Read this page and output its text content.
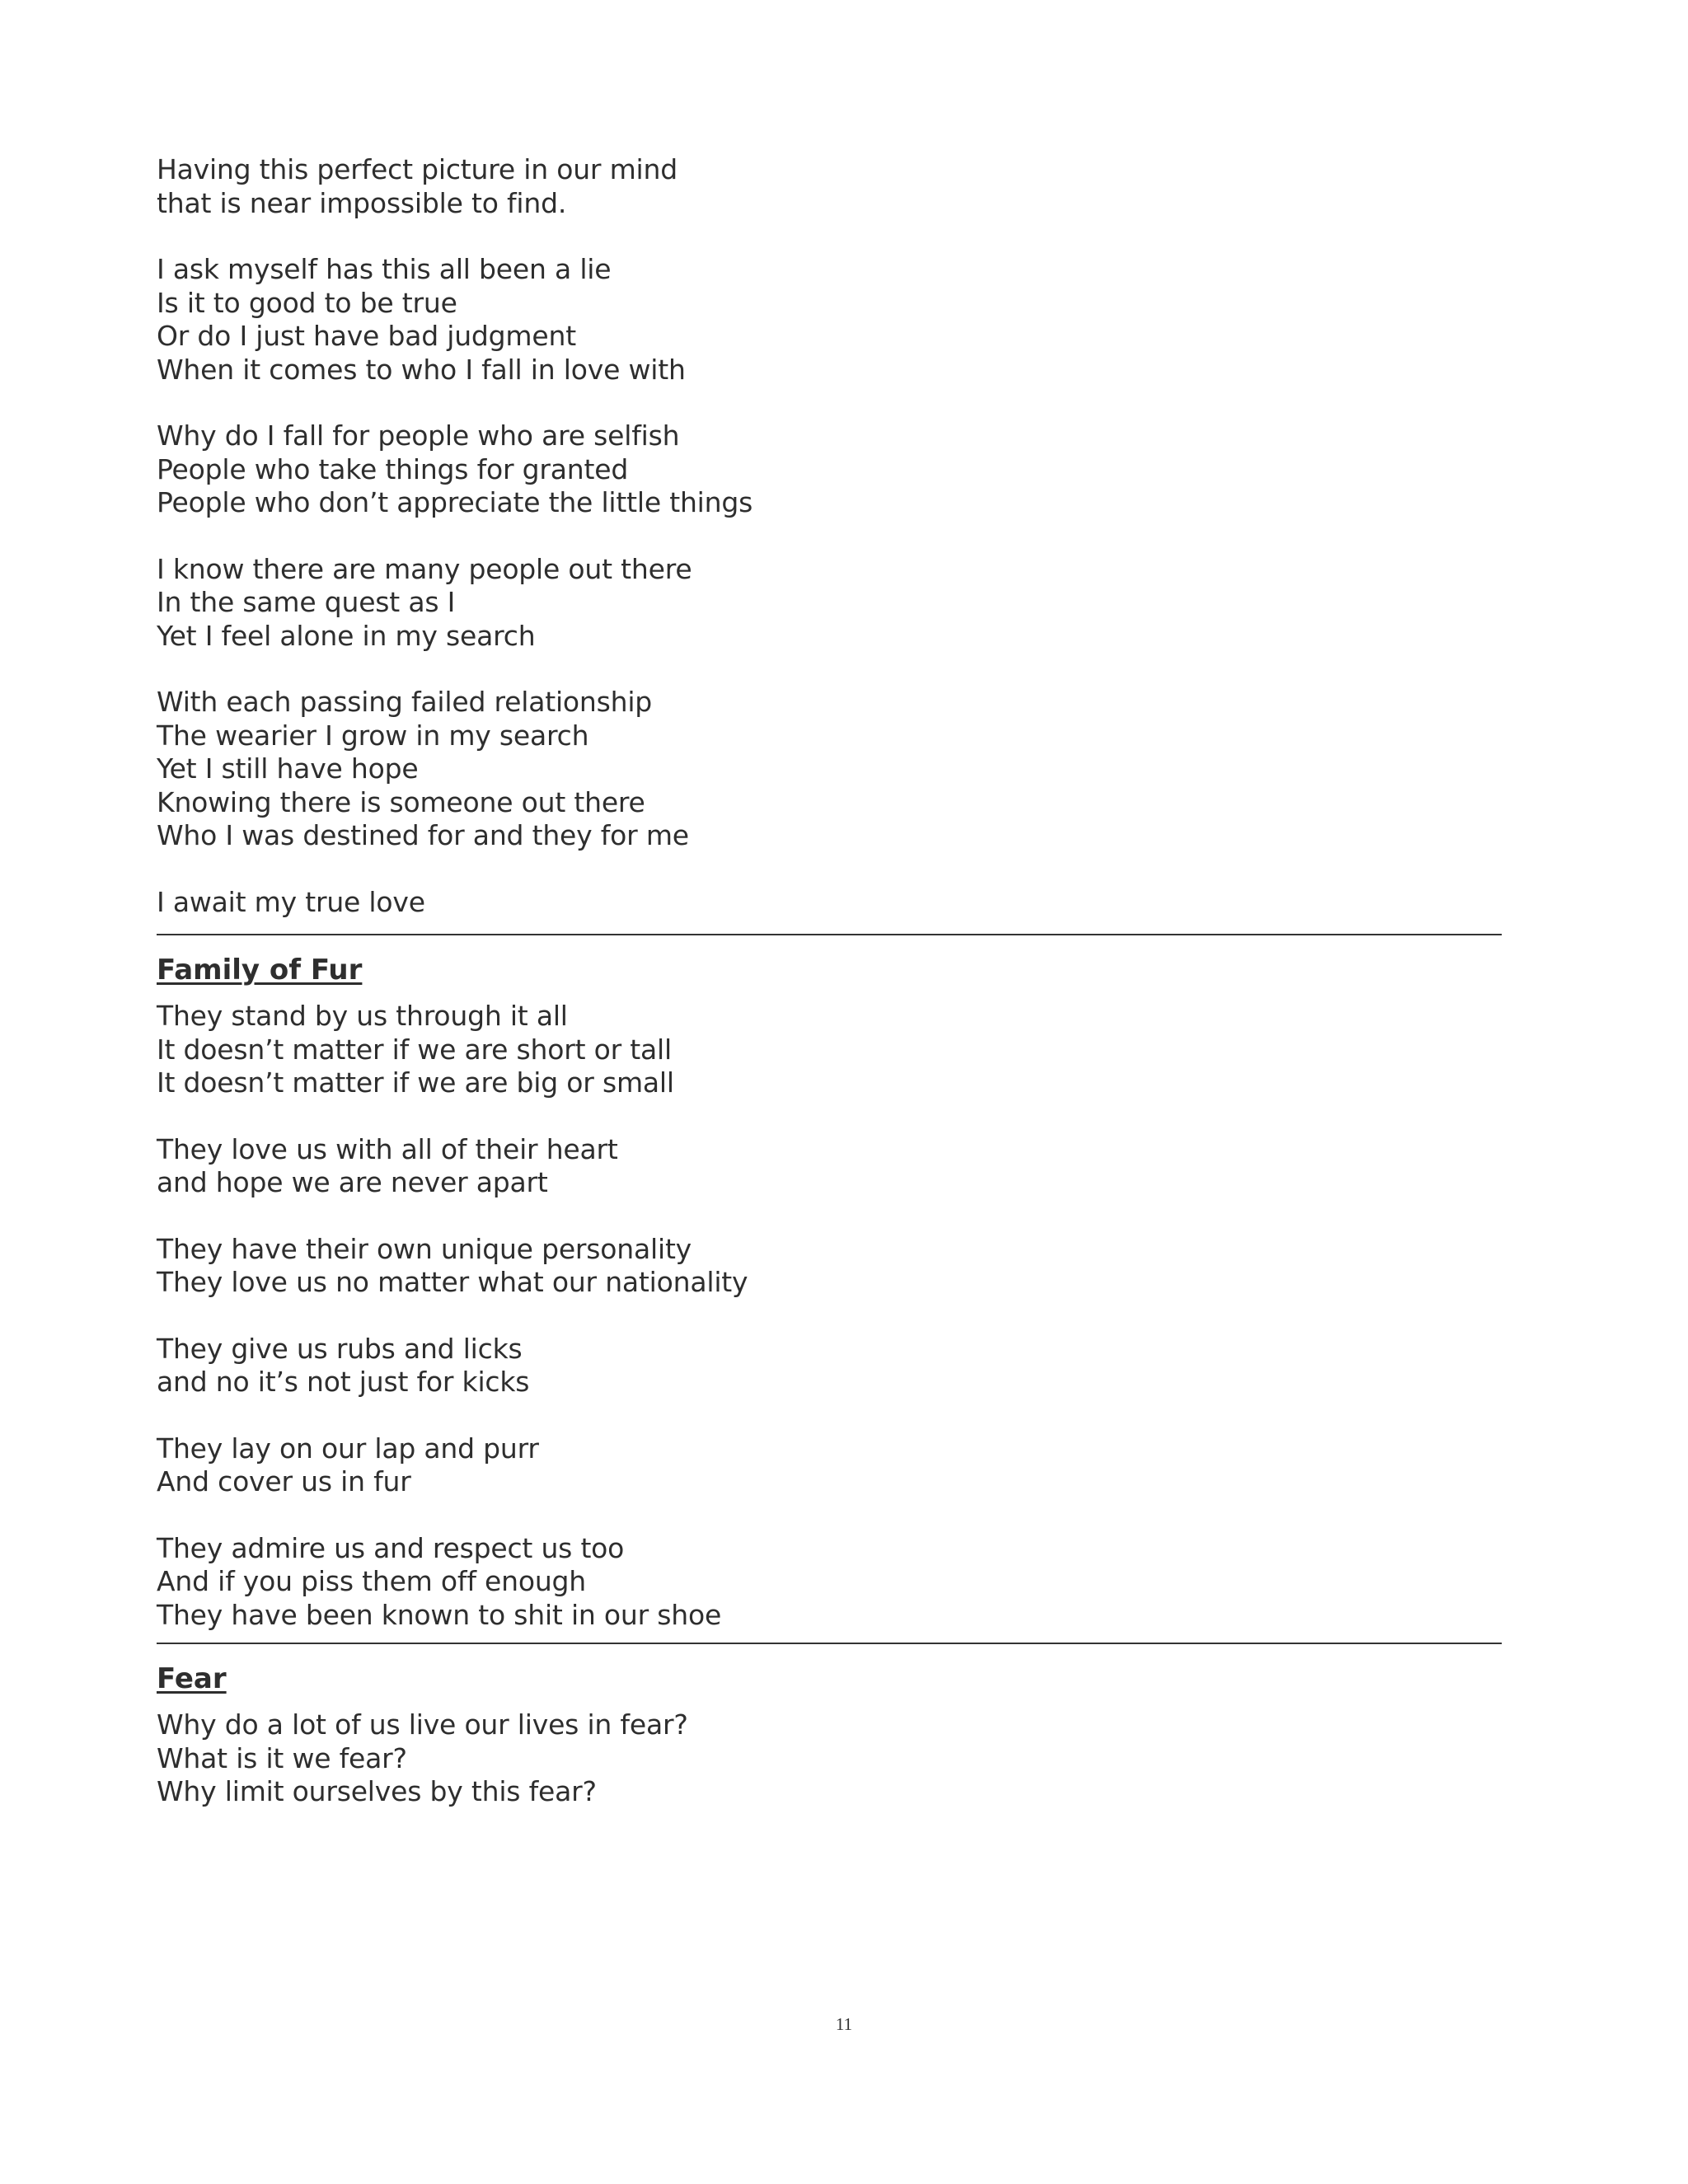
Having this perfect picture in our mind
that is near impossible to find.
I ask myself has this all been a lie
Is it to good to be true
Or do I just have bad judgment
When it comes to who I fall in love with
Why do I fall for people who are selfish
People who take things for granted
People who don’t appreciate the little things
I know there are many people out there
In the same quest as I
Yet I feel alone in my search
With each passing failed relationship
The wearier I grow in my search
Yet I still have hope
Knowing there is someone out there
Who I was destined for and they for me
I await my true love
Family of Fur
They stand by us through it all
It doesn’t matter if we are short or tall
It doesn’t matter if we are big or small
They love us with all of their heart
and hope we are never apart
They have their own unique personality
They love us no matter what our nationality
They give us rubs and licks
and no it’s not just for kicks
They lay on our lap and purr
And cover us in fur
They admire us and respect us too
And if you piss them off enough
They have been known to shit in our shoe
Fear
Why do a lot of us live our lives in fear?
What is it we fear?
Why limit ourselves by this fear?
11
